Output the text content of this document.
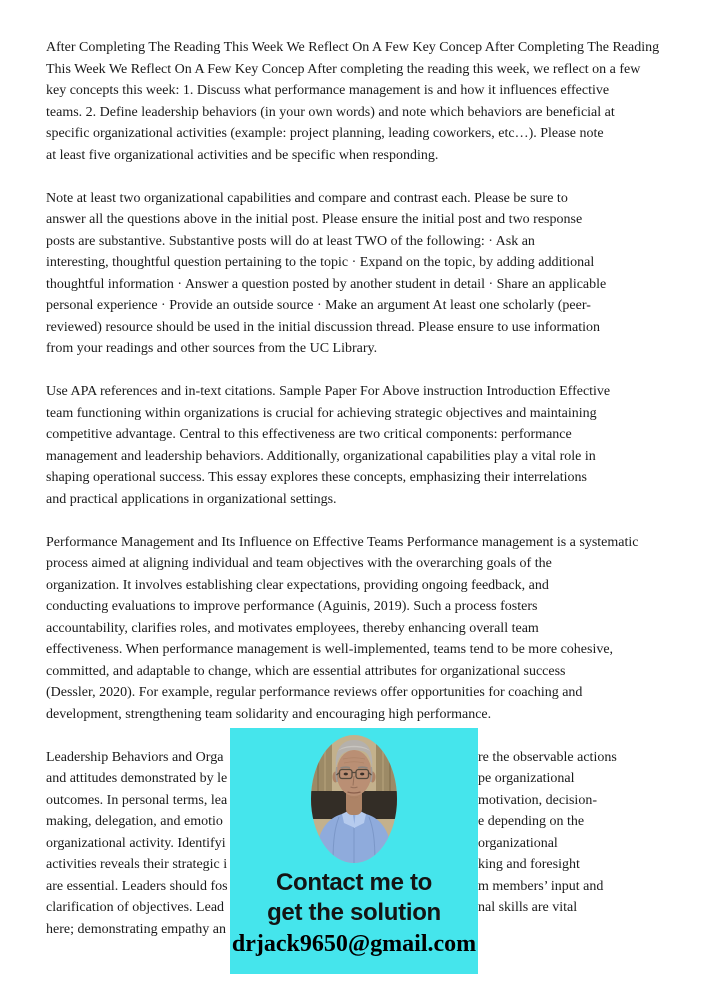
After Completing The Reading This Week We Reflect On A Few Key Concep After Completing The Reading
This Week We Reflect On A Few Key Concep After completing the reading this week, we reflect on a few
key concepts this week: 1. Discuss what performance management is and how it influences effective
teams. 2. Define leadership behaviors (in your own words) and note which behaviors are beneficial at
specific organizational activities (example: project planning, leading coworkers, etc…). Please note
at least five organizational activities and be specific when responding.
Note at least two organizational capabilities and compare and contrast each. Please be sure to
answer all the questions above in the initial post. Please ensure the initial post and two response
posts are substantive. Substantive posts will do at least TWO of the following: · Ask an
interesting, thoughtful question pertaining to the topic · Expand on the topic, by adding additional
thoughtful information · Answer a question posted by another student in detail · Share an applicable
personal experience · Provide an outside source · Make an argument At least one scholarly (peer-
reviewed) resource should be used in the initial discussion thread. Please ensure to use information
from your readings and other sources from the UC Library.
Use APA references and in-text citations. Sample Paper For Above instruction Introduction Effective
team functioning within organizations is crucial for achieving strategic objectives and maintaining
competitive advantage. Central to this effectiveness are two critical components: performance
management and leadership behaviors. Additionally, organizational capabilities play a vital role in
shaping operational success. This essay explores these concepts, emphasizing their interrelations
and practical applications in organizational settings.
Performance Management and Its Influence on Effective Teams Performance management is a systematic
process aimed at aligning individual and team objectives with the overarching goals of the
organization. It involves establishing clear expectations, providing ongoing feedback, and
conducting evaluations to improve performance (Aguinis, 2019). Such a process fosters
accountability, clarifies roles, and motivates employees, thereby enhancing overall team
effectiveness. When performance management is well-implemented, teams tend to be more cohesive,
committed, and adaptable to change, which are essential attributes for organizational success
(Dessler, 2020). For example, regular performance reviews offer opportunities for coaching and
development, strengthening team solidarity and encouraging high performance.
Leadership Behaviors and Orga	re the observable actions
and attitudes demonstrated by le	pe organizational
outcomes. In personal terms, lea	motivation, decision-
making, delegation, and emotio	e depending on the
organizational activity. Identifyi	organizational
activities reveals their strategic i	king and foresight
are essential. Leaders should fos	m members’ input and
clarification of objectives. Lead	nal skills are vital
here; demonstrating empathy an
Contact me to
get the solution
drjack9650@gmail.com
